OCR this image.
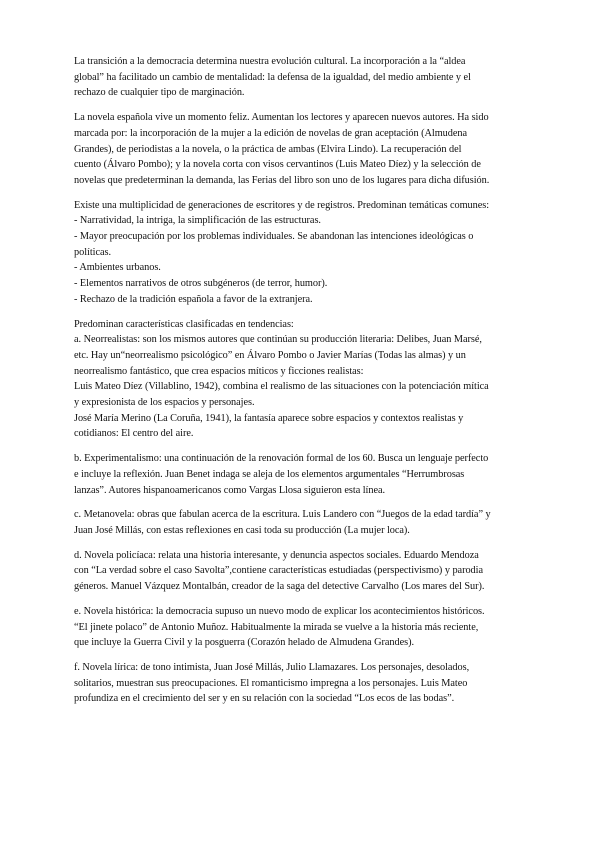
La transición a la democracia determina nuestra evolución cultural. La incorporación a la “aldea
global” ha facilitado un cambio de mentalidad: la defensa de la igualdad, del medio ambiente y el
rechazo de cualquier tipo de marginación.
La novela española vive un momento feliz. Aumentan los lectores y aparecen nuevos autores. Ha sido
marcada por: la incorporación de la mujer a la edición de novelas de gran aceptación (Almudena
Grandes), de periodistas a la novela, o la práctica de ambas (Elvira Lindo). La recuperación del
cuento (Álvaro Pombo); y la novela corta con visos cervantinos (Luis Mateo Díez) y la selección de
novelas que predeterminan la demanda, las Ferias del libro son uno de los lugares para dicha difusión.
Existe una multiplicidad de generaciones de escritores y de registros. Predominan temáticas comunes:
- Narratividad, la intriga, la simplificación de las estructuras.
- Mayor preocupación por los problemas individuales. Se abandonan las intenciones ideológicas o
políticas.
- Ambientes urbanos.
- Elementos narrativos de otros subgéneros (de terror, humor).
- Rechazo de la tradición española a favor de la extranjera.
Predominan características clasificadas en tendencias:
a. Neorrealistas: son los mismos autores que continúan su producción literaria: Delibes, Juan Marsé,
etc. Hay un“neorrealismo psicológico” en Álvaro Pombo o Javier Marías (Todas las almas) y un
neorrealismo fantástico, que crea espacios míticos y ficciones realistas:
Luis Mateo Díez (Villablino, 1942), combina el realismo de las situaciones con la potenciación mítica
y expresionista de los espacios y personajes.
José María Merino (La Coruña, 1941), la fantasía aparece sobre espacios y contextos realistas y
cotidianos: El centro del aire.
b. Experimentalismo: una continuación de la renovación formal de los 60. Busca un lenguaje perfecto
e incluye la reflexión. Juan Benet indaga se aleja de los elementos argumentales “Herrumbrosas
lanzas”. Autores hispanoamericanos como Vargas Llosa siguieron esta línea.
c. Metanovela: obras que fabulan acerca de la escritura. Luis Landero con “Juegos de la edad tardía” y
Juan José Millás, con estas reflexiones en casi toda su producción (La mujer loca).
d. Novela policíaca: relata una historia interesante, y denuncia aspectos sociales. Eduardo Mendoza
con “La verdad sobre el caso Savolta”,contiene características estudiadas (perspectivismo) y parodia
géneros. Manuel Vázquez Montalbán, creador de la saga del detective Carvalho (Los mares del Sur).
e. Novela histórica: la democracia supuso un nuevo modo de explicar los acontecimientos históricos.
“El jinete polaco” de Antonio Muñoz. Habitualmente la mirada se vuelve a la historia más reciente,
que incluye la Guerra Civil y la posguerra (Corazón helado de Almudena Grandes).
f. Novela lírica: de tono intimista, Juan José Millás, Julio Llamazares. Los personajes, desolados,
solitarios, muestran sus preocupaciones. El romanticismo impregna a los personajes. Luis Mateo
profundiza en el crecimiento del ser y en su relación con la sociedad “Los ecos de las bodas”.
